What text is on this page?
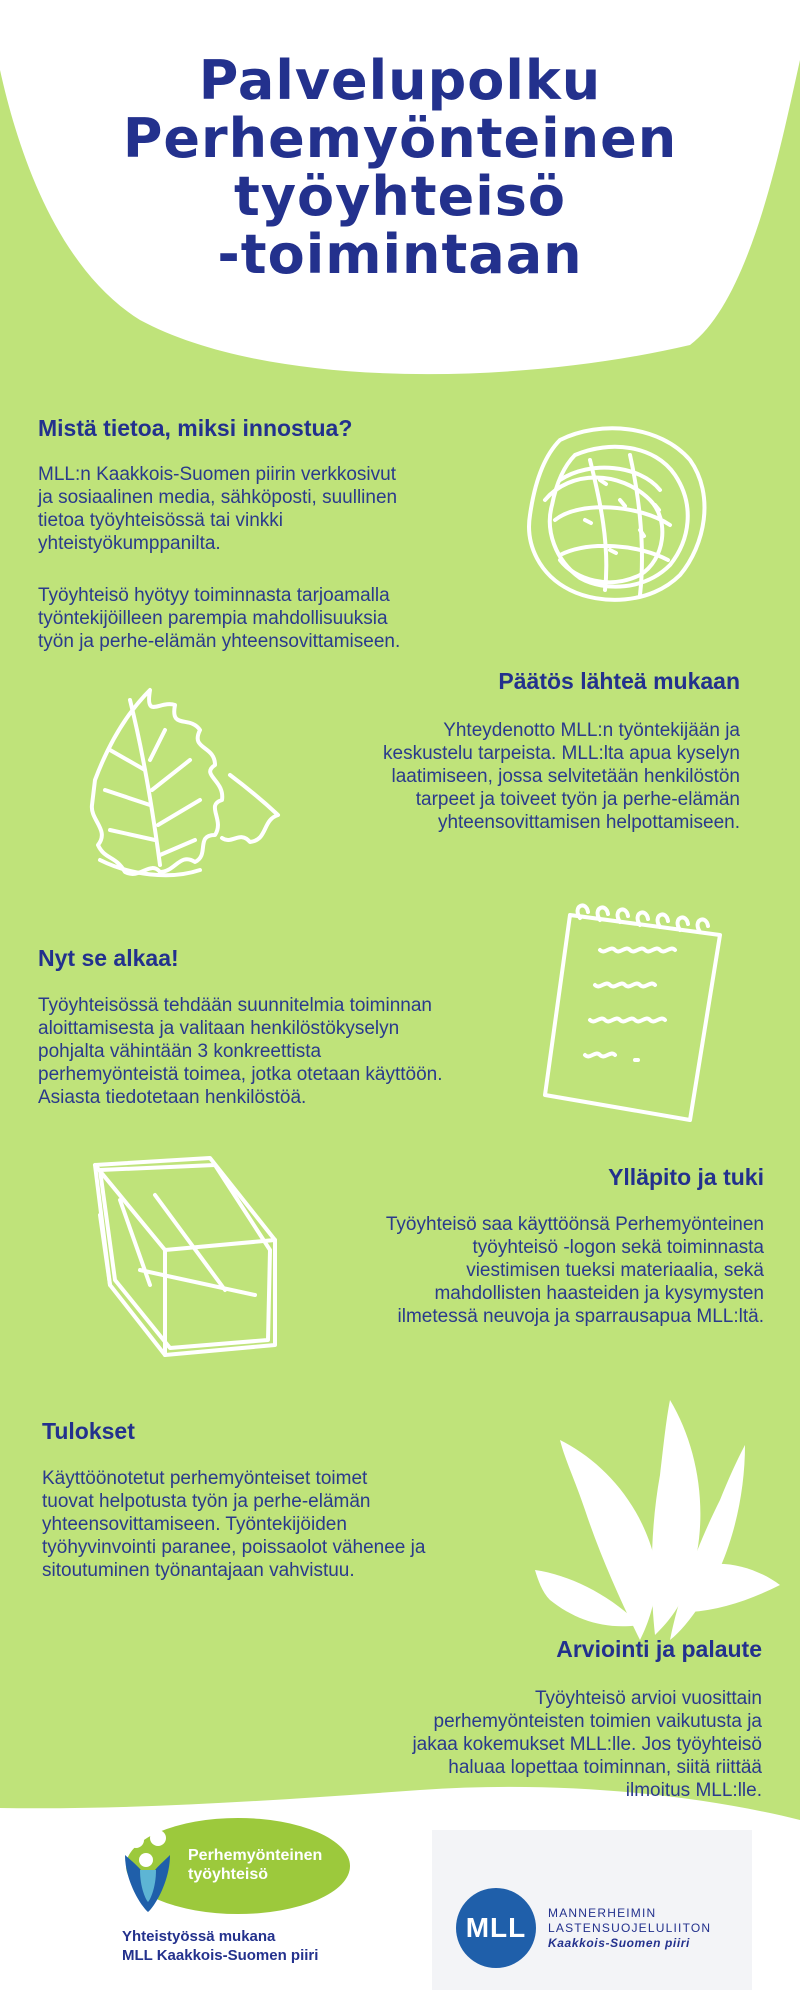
Palvelupolku
Perhemyönteinen
työyhteisö
-toimintaan
Mistä tietoa, miksi innostua?
MLL:n Kaakkois-Suomen piirin verkkosivut
ja sosiaalinen media, sähköposti, suullinen
tietoa työyhteisössä tai vinkki
yhteistyökumppanilta.
Työyhteisö hyötyy toiminnasta tarjoamalla
työntekijöilleen parempia mahdollisuuksia
työn ja perhe-elämän yhteensovittamiseen.
Päätös lähteä mukaan
Yhteydenotto MLL:n työntekijään ja
keskustelu tarpeista. MLL:lta apua kyselyn
laatimiseen, jossa selvitetään henkilöstön
tarpeet ja toiveet työn ja perhe-elämän
yhteensovittamisen helpottamiseen.
Nyt se alkaa!
Työyhteisössä tehdään suunnitelmia toiminnan
aloittamisesta ja valitaan henkilöstökyselyn
pohjalta vähintään 3 konkreettista
perhemyönteistä toimea, jotka otetaan käyttöön.
Asiasta tiedotetaan henkilöstöä.
Ylläpito ja tuki
Työyhteisö saa käyttöönsä Perhemyönteinen
työyhteisö -logon sekä toiminnasta
viestimisen tueksi materiaalia, sekä
mahdollisten haasteiden ja kysymysten
ilmetessä neuvoja ja sparrausapua MLL:ltä.
Tulokset
Käyttöönotetut perhemyönteiset toimet
tuovat helpotusta työn ja perhe-elämän
yhteensovittamiseen. Työntekijöiden
työhyvinvointi paranee, poissaolot vähenee ja
sitoutuminen työnantajaan vahvistuu.
Arviointi ja palaute
Työyhteisö arvioi vuosittain
perhemyönteisten toimien vaikutusta ja
jakaa kokemukset MLL:lle. Jos työyhteisö
haluaa lopettaa toiminnan, siitä riittää
ilmoitus MLL:lle.
Perhemyönteinen
työyhteisö
Yhteistyössä mukana
MLL Kaakkois-Suomen piiri
MLL	MANNERHEIMIN
LASTENSUOJELULIITON
Kaakkois-Suomen piiri
